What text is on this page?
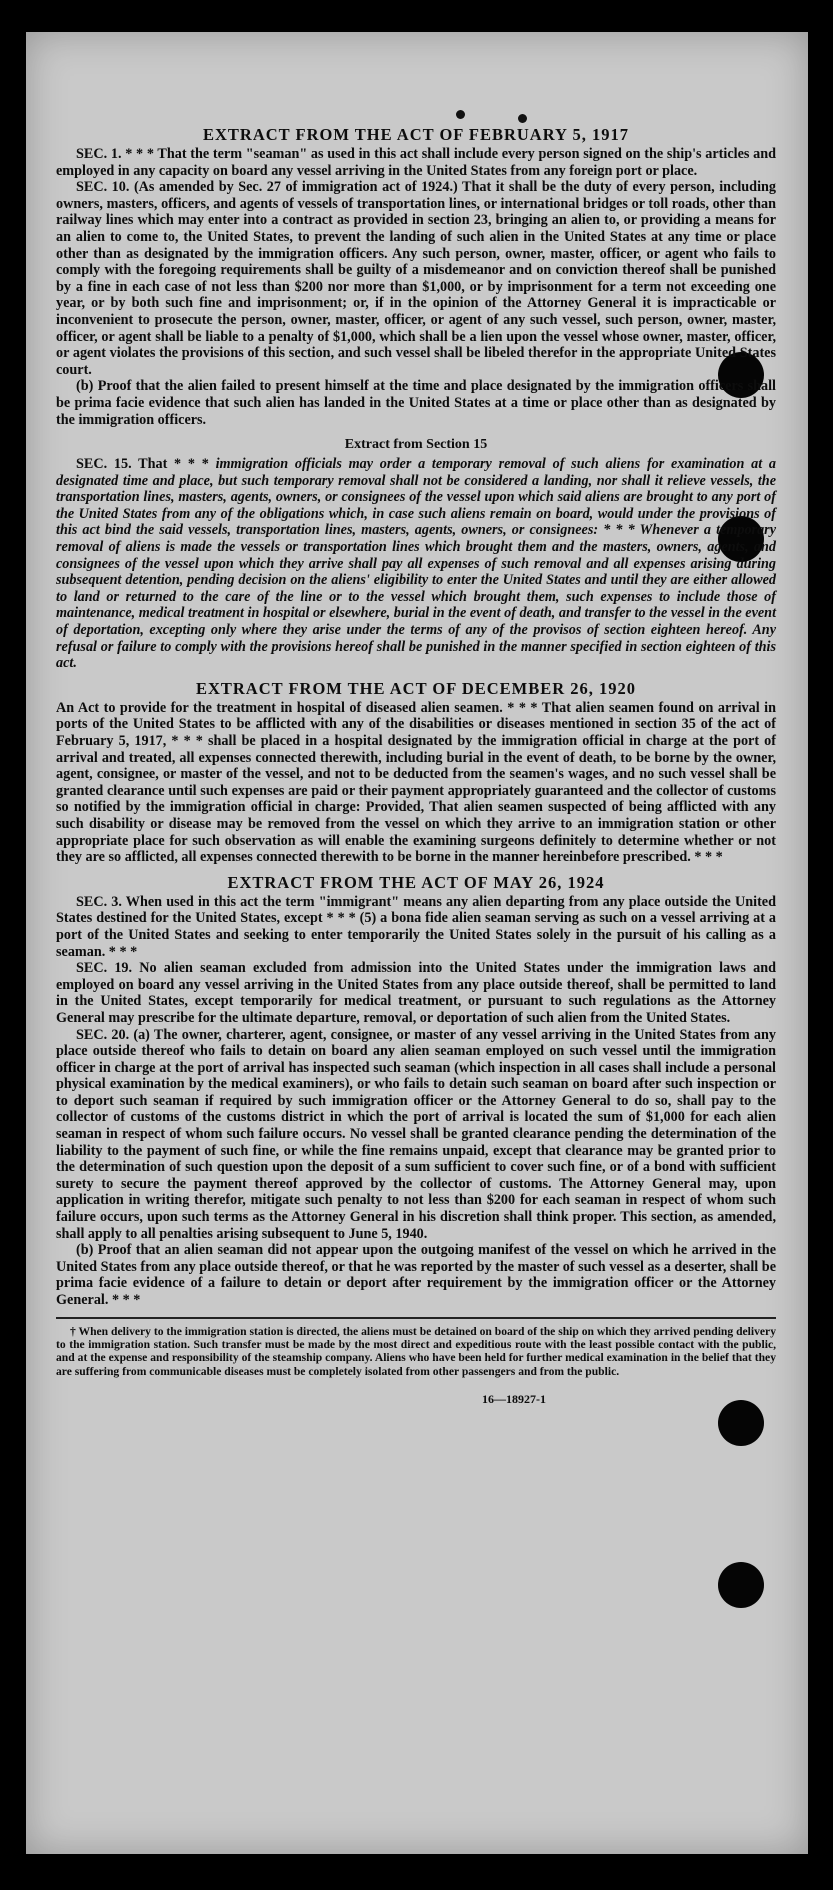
EXTRACT FROM THE ACT OF FEBRUARY 5, 1917

SEC. 1. * * * That the term "seaman" as used in this act shall include every person signed on the ship's articles and employed in any capacity on board any vessel arriving in the United States from any foreign port or place.

SEC. 10. (As amended by Sec. 27 of immigration act of 1924.) That it shall be the duty of every person, including owners, masters, officers, and agents of vessels of transportation lines, or international bridges or toll roads, other than railway lines which may enter into a contract as provided in section 23, bringing an alien to, or providing a means for an alien to come to, the United States, to prevent the landing of such alien in the United States at any time or place other than as designated by the immigration officers. Any such person, owner, master, officer, or agent who fails to comply with the foregoing requirements shall be guilty of a misdemeanor and on conviction thereof shall be punished by a fine in each case of not less than $200 nor more than $1,000, or by imprisonment for a term not exceeding one year, or by both such fine and imprisonment; or, if in the opinion of the Attorney General it is impracticable or inconvenient to prosecute the person, owner, master, officer, or agent of any such vessel, such person, owner, master, officer, or agent shall be liable to a penalty of $1,000, which shall be a lien upon the vessel whose owner, master, officer, or agent violates the provisions of this section, and such vessel shall be libeled therefor in the appropriate United States court.

(b) Proof that the alien failed to present himself at the time and place designated by the immigration officers shall be prima facie evidence that such alien has landed in the United States at a time or place other than as designated by the immigration officers.

Extract from Section 15

SEC. 15. That * * * immigration officials may order a temporary removal of such aliens for examination at a designated time and place, but such temporary removal shall not be considered a landing, nor shall it relieve vessels, the transportation lines, masters, agents, owners, or consignees of the vessel upon which said aliens are brought to any port of the United States from any of the obligations which, in case such aliens remain on board, would under the provisions of this act bind the said vessels, transportation lines, masters, agents, owners, or consignees: * * * Whenever a temporary removal of aliens is made the vessels or transportation lines which brought them and the masters, owners, agents, and consignees of the vessel upon which they arrive shall pay all expenses of such removal and all expenses arising during subsequent detention, pending decision on the aliens' eligibility to enter the United States and until they are either allowed to land or returned to the care of the line or to the vessel which brought them, such expenses to include those of maintenance, medical treatment in hospital or elsewhere, burial in the event of death, and transfer to the vessel in the event of deportation, excepting only where they arise under the terms of any of the provisos of section eighteen hereof. Any refusal or failure to comply with the provisions hereof shall be punished in the manner specified in section eighteen of this act.

EXTRACT FROM THE ACT OF DECEMBER 26, 1920

An Act to provide for the treatment in hospital of diseased alien seamen. * * * That alien seamen found on arrival in ports of the United States to be afflicted with any of the disabilities or diseases mentioned in section 35 of the act of February 5, 1917, * * * shall be placed in a hospital designated by the immigration official in charge at the port of arrival and treated, all expenses connected therewith, including burial in the event of death, to be borne by the owner, agent, consignee, or master of the vessel, and not to be deducted from the seamen's wages, and no such vessel shall be granted clearance until such expenses are paid or their payment appropriately guaranteed and the collector of customs so notified by the immigration official in charge: Provided, That alien seamen suspected of being afflicted with any such disability or disease may be removed from the vessel on which they arrive to an immigration station or other appropriate place for such observation as will enable the examining surgeons definitely to determine whether or not they are so afflicted, all expenses connected therewith to be borne in the manner hereinbefore prescribed. * * *

EXTRACT FROM THE ACT OF MAY 26, 1924

SEC. 3. When used in this act the term "immigrant" means any alien departing from any place outside the United States destined for the United States, except * * * (5) a bona fide alien seaman serving as such on a vessel arriving at a port of the United States and seeking to enter temporarily the United States solely in the pursuit of his calling as a seaman. * * *

SEC. 19. No alien seaman excluded from admission into the United States under the immigration laws and employed on board any vessel arriving in the United States from any place outside thereof, shall be permitted to land in the United States, except temporarily for medical treatment, or pursuant to such regulations as the Attorney General may prescribe for the ultimate departure, removal, or deportation of such alien from the United States.

SEC. 20. (a) The owner, charterer, agent, consignee, or master of any vessel arriving in the United States from any place outside thereof who fails to detain on board any alien seaman employed on such vessel until the immigration officer in charge at the port of arrival has inspected such seaman (which inspection in all cases shall include a personal physical examination by the medical examiners), or who fails to detain such seaman on board after such inspection or to deport such seaman if required by such immigration officer or the Attorney General to do so, shall pay to the collector of customs of the customs district in which the port of arrival is located the sum of $1,000 for each alien seaman in respect of whom such failure occurs. No vessel shall be granted clearance pending the determination of the liability to the payment of such fine, or while the fine remains unpaid, except that clearance may be granted prior to the determination of such question upon the deposit of a sum sufficient to cover such fine, or of a bond with sufficient surety to secure the payment thereof approved by the collector of customs. The Attorney General may, upon application in writing therefor, mitigate such penalty to not less than $200 for each seaman in respect of whom such failure occurs, upon such terms as the Attorney General in his discretion shall think proper. This section, as amended, shall apply to all penalties arising subsequent to June 5, 1940.

(b) Proof that an alien seaman did not appear upon the outgoing manifest of the vessel on which he arrived in the United States from any place outside thereof, or that he was reported by the master of such vessel as a deserter, shall be prima facie evidence of a failure to detain or deport after requirement by the immigration officer or the Attorney General. * * *

† When delivery to the immigration station is directed, the aliens must be detained on board of the ship on which they arrived pending delivery to the immigration station. Such transfer must be made by the most direct and expeditious route with the least possible contact with the public, and at the expense and responsibility of the steamship company. Aliens who have been held for further medical examination in the belief that they are suffering from communicable diseases must be completely isolated from other passengers and from the public.

16—18927-1
